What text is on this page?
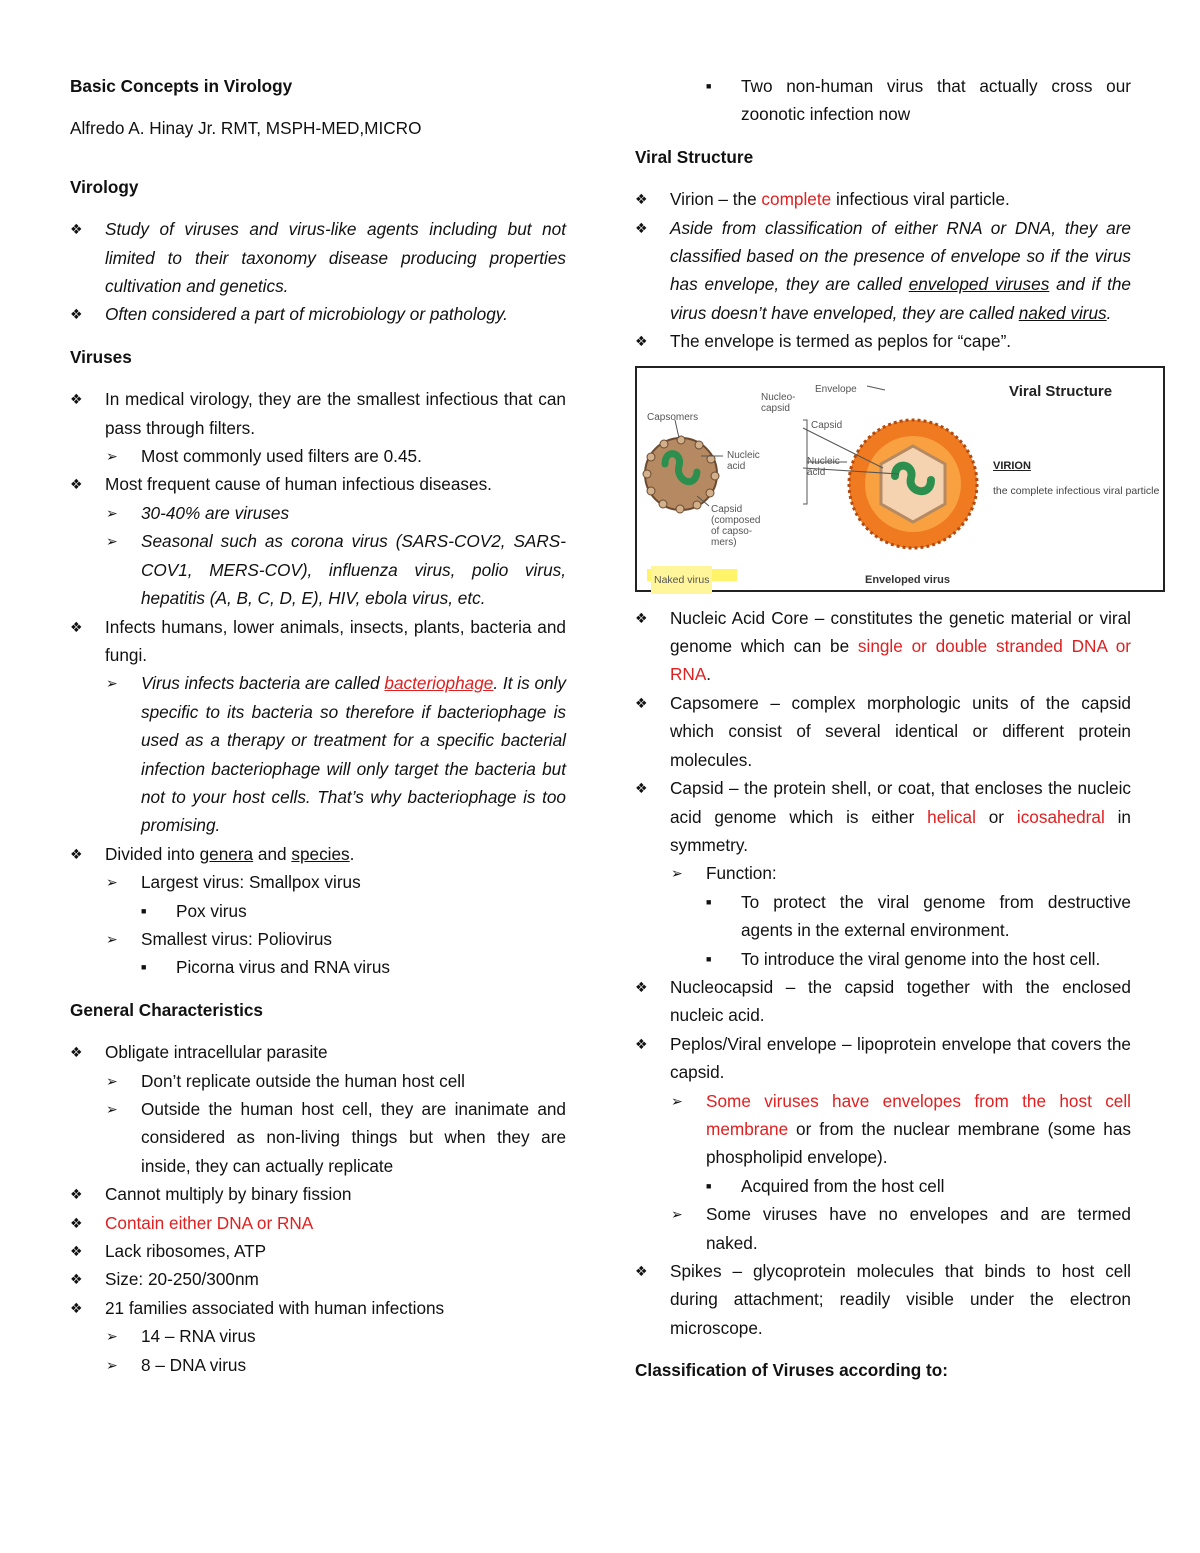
Basic Concepts in Virology

Alfredo A. Hinay Jr. RMT, MSPH-MED,MICRO

Virology
❖ Study of viruses and virus-like agents including but not limited to their taxonomy disease producing properties cultivation and genetics.
❖ Often considered a part of microbiology or pathology.
Viruses
❖ In medical virology, they are the smallest infectious that can pass through filters.
➢ Most commonly used filters are 0.45.
❖ Most frequent cause of human infectious diseases.
➢ 30-40% are viruses
➢ Seasonal such as corona virus (SARS-COV2, SARS-COV1, MERS-COV), influenza virus, polio virus, hepatitis (A, B, C, D, E), HIV, ebola virus, etc.
❖ Infects humans, lower animals, insects, plants, bacteria and fungi.
➢ Virus infects bacteria are called bacteriophage. It is only specific to its bacteria so therefore if bacteriophage is used as a therapy or treatment for a specific bacterial infection bacteriophage will only target the bacteria but not to your host cells. That’s why bacteriophage is too promising.
❖ Divided into genera and species.
➢ Largest virus: Smallpox virus
■ Pox virus
➢ Smallest virus: Poliovirus
■ Picorna virus and RNA virus
General Characteristics
❖ Obligate intracellular parasite
➢ Don’t replicate outside the human host cell
➢ Outside the human host cell, they are inanimate and considered as non-living things but when they are inside, they can actually replicate
❖ Cannot multiply by binary fission
❖ Contain either DNA or RNA
❖ Lack ribosomes, ATP
❖ Size: 20-250/300nm
❖ 21 families associated with human infections
➢ 14 – RNA virus
➢ 8 – DNA virus
■ Two non-human virus that actually cross our zoonotic infection now
Viral Structure
❖ Virion – the complete infectious viral particle.
❖ Aside from classification of either RNA or DNA, they are classified based on the presence of envelope so if the virus has envelope, they are called enveloped viruses and if the virus doesn’t have enveloped, they are called naked virus.
❖ The envelope is termed as peplos for “cape”.
Viral Structure
VIRION
the complete infectious viral particle
Capsomers
Nucleo-
capsid
Envelope
Capsid
Nucleic
acid	Nucleic
acid
Capsid
(composed
of capso-
mers)
Naked virus	Enveloped virus
❖ Nucleic Acid Core – constitutes the genetic material or viral genome which can be single or double stranded DNA or RNA.
❖ Capsomere – complex morphologic units of the capsid which consist of several identical or different protein molecules.
❖ Capsid – the protein shell, or coat, that encloses the nucleic acid genome which is either helical or icosahedral in symmetry.
➢ Function:
■ To protect the viral genome from destructive agents in the external environment.
■ To introduce the viral genome into the host cell.
❖ Nucleocapsid – the capsid together with the enclosed nucleic acid.
❖ Peplos/Viral envelope – lipoprotein envelope that covers the capsid.
➢ Some viruses have envelopes from the host cell membrane or from the nuclear membrane (some has phospholipid envelope).
■ Acquired from the host cell
➢ Some viruses have no envelopes and are termed naked.
❖ Spikes – glycoprotein molecules that binds to host cell during attachment; readily visible under the electron microscope.
Classification of Viruses according to:
